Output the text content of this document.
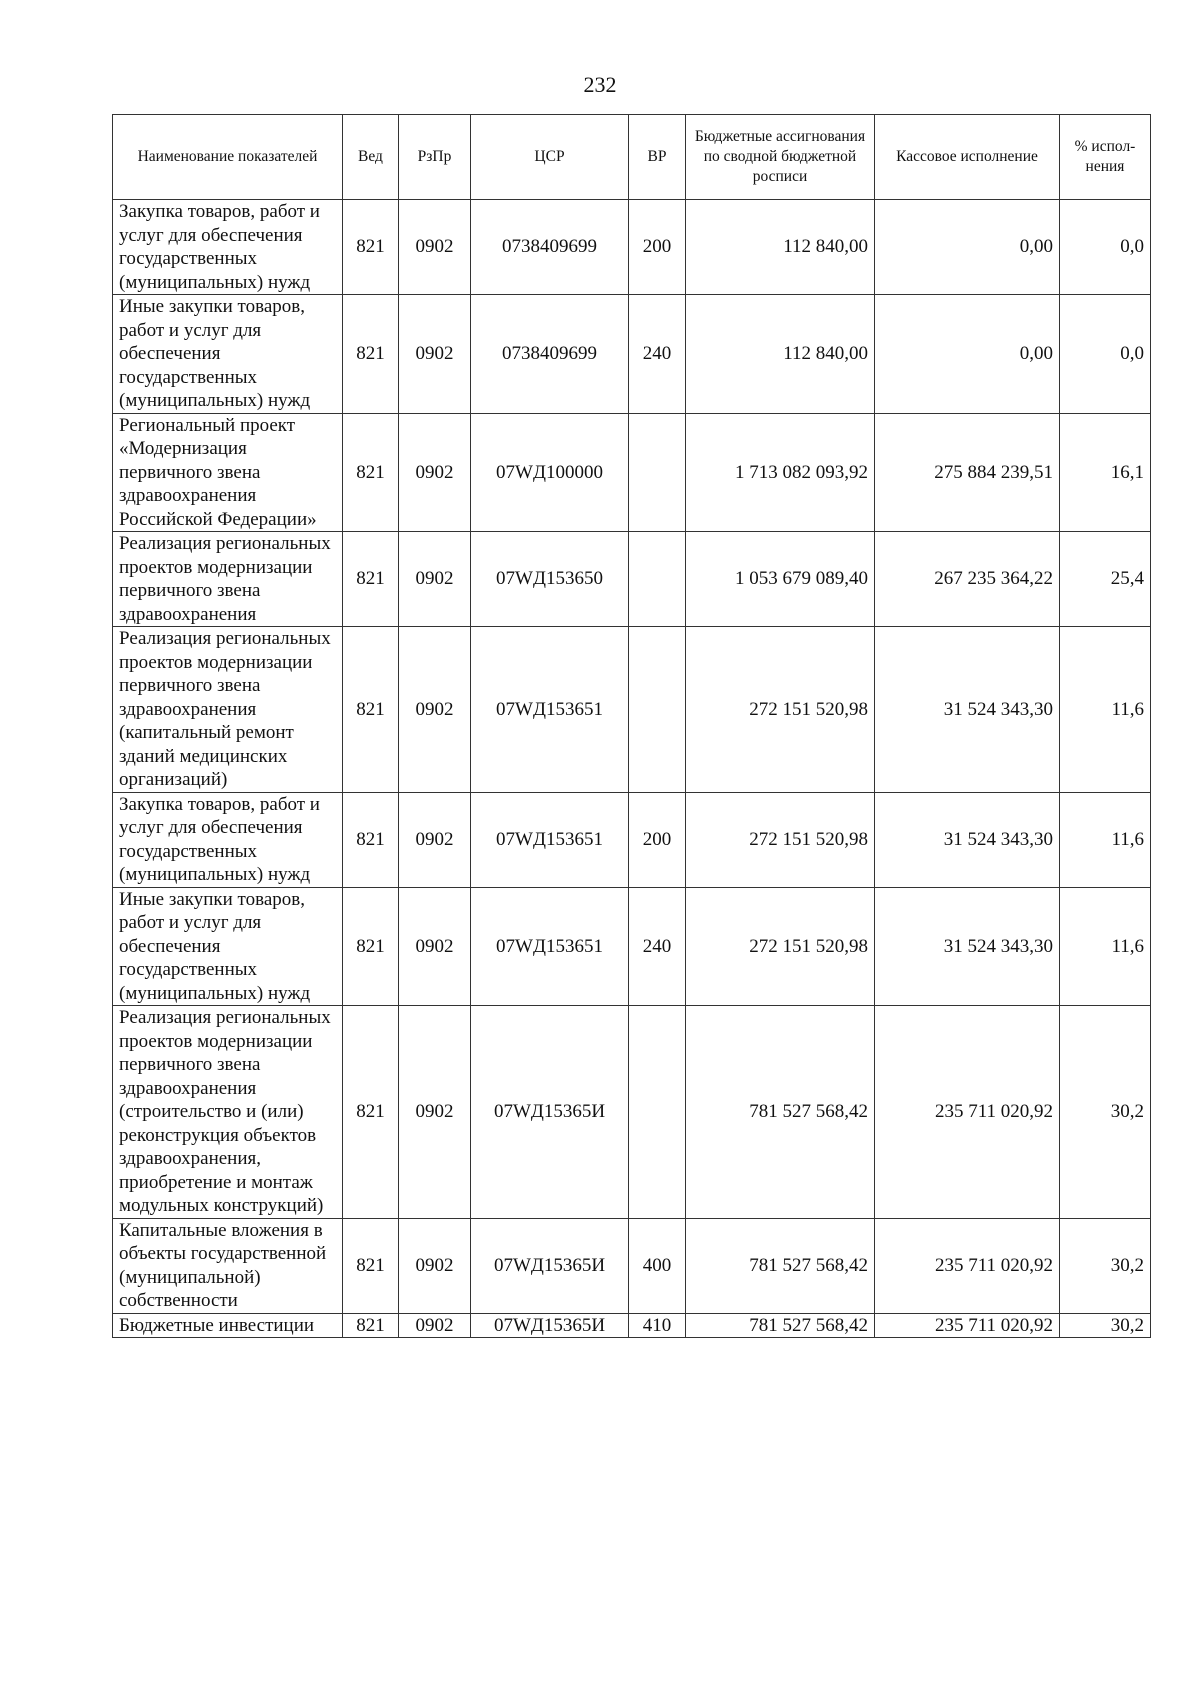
232
Наименование показателей	Вед	РзПр	ЦСР	ВР	Бюджетные ассигнования по сводной бюджетной росписи	Кассовое исполнение	% испол-нения
Закупка товаров, работ и услуг для обеспечения государственных (муниципальных) нужд	821	0902	0738409699	200	112 840,00	0,00	0,0
Иные закупки товаров, работ и услуг для обеспечения государственных (муниципальных) нужд	821	0902	0738409699	240	112 840,00	0,00	0,0
Региональный проект «Модернизация первичного звена здравоохранения Российской Федерации»	821	0902	07WД100000		1 713 082 093,92	275 884 239,51	16,1
Реализация региональных проектов модернизации первичного звена здравоохранения	821	0902	07WД153650		1 053 679 089,40	267 235 364,22	25,4
Реализация региональных проектов модернизации первичного звена здравоохранения (капитальный ремонт зданий медицинских организаций)	821	0902	07WД153651		272 151 520,98	31 524 343,30	11,6
Закупка товаров, работ и услуг для обеспечения государственных (муниципальных) нужд	821	0902	07WД153651	200	272 151 520,98	31 524 343,30	11,6
Иные закупки товаров, работ и услуг для обеспечения государственных (муниципальных) нужд	821	0902	07WД153651	240	272 151 520,98	31 524 343,30	11,6
Реализация региональных проектов модернизации первичного звена здравоохранения (строительство и (или) реконструкция объектов здравоохранения, приобретение и монтаж модульных конструкций)	821	0902	07WД15365И		781 527 568,42	235 711 020,92	30,2
Капитальные вложения в объекты государственной (муниципальной) собственности	821	0902	07WД15365И	400	781 527 568,42	235 711 020,92	30,2
Бюджетные инвестиции	821	0902	07WД15365И	410	781 527 568,42	235 711 020,92	30,2
